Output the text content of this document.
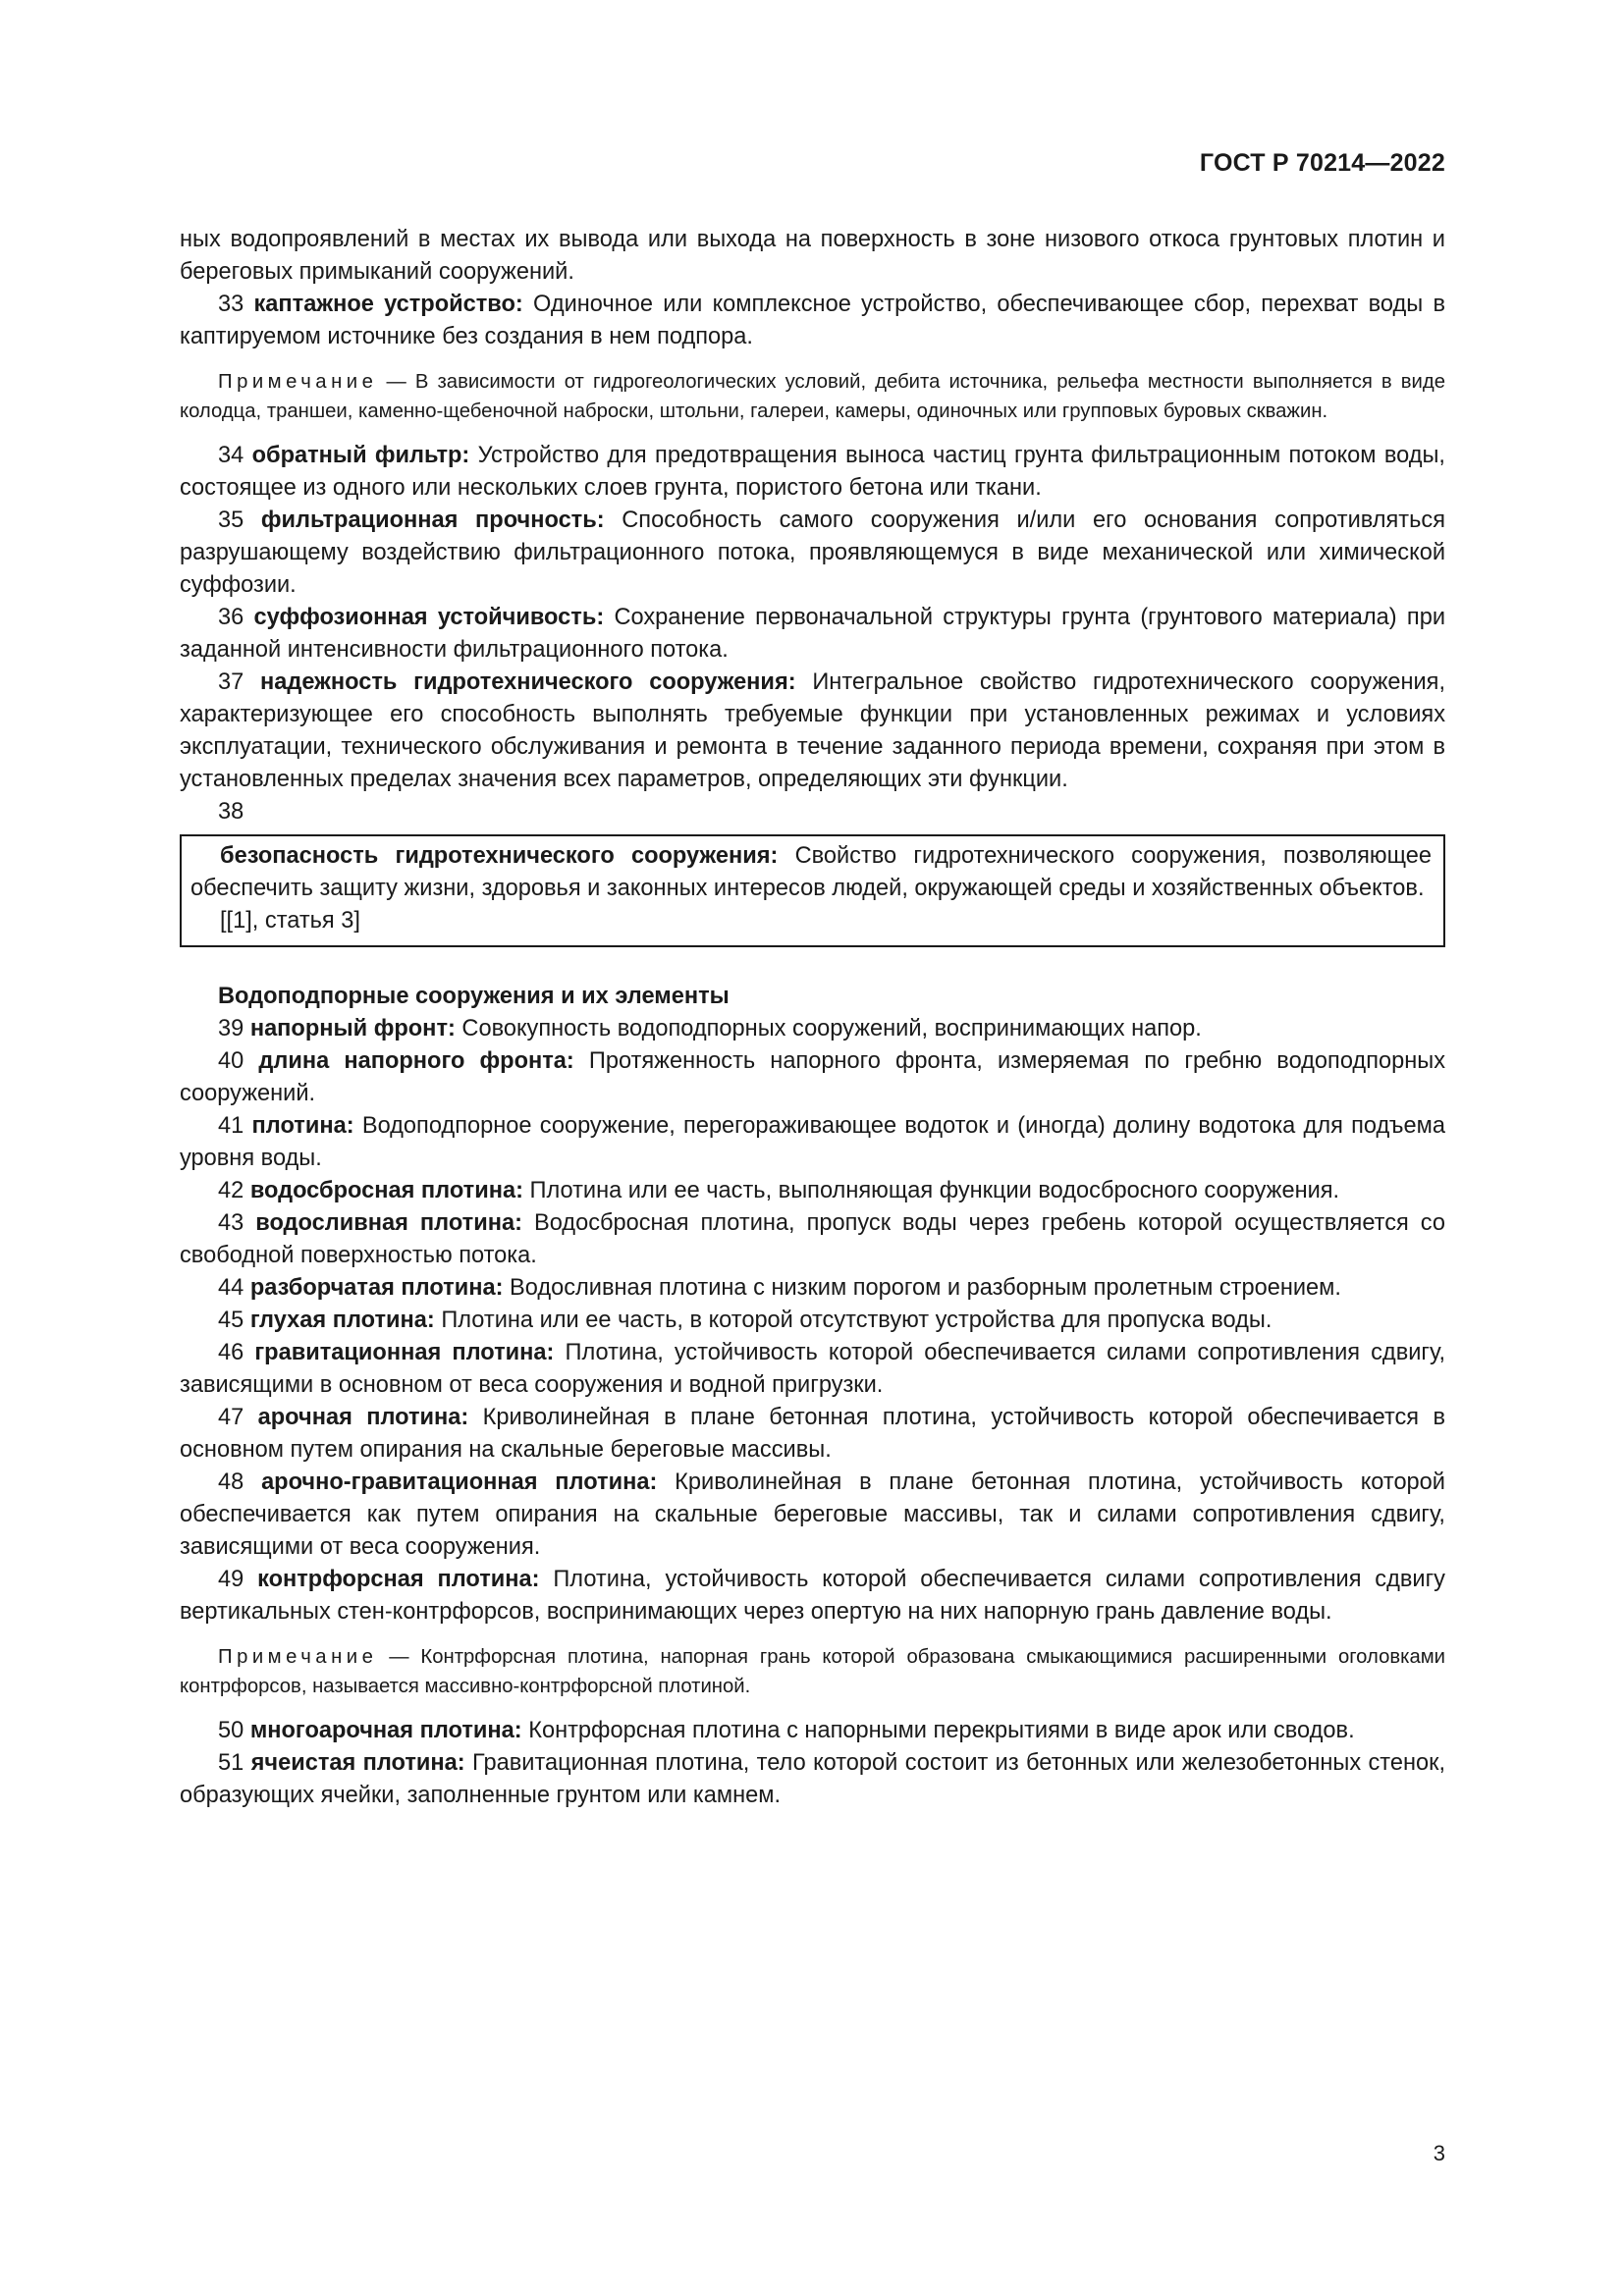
ГОСТ Р 70214—2022

ных водопроявлений в местах их вывода или выхода на поверхность в зоне низового откоса грунтовых плотин и береговых примыканий сооружений.

33 каптажное устройство: Одиночное или комплексное устройство, обеспечивающее сбор, перехват воды в каптируемом источнике без создания в нем подпора.

Примечание — В зависимости от гидрогеологических условий, дебита источника, рельефа местности выполняется в виде колодца, траншеи, каменно-щебеночной наброски, штольни, галереи, камеры, одиночных или групповых буровых скважин.

34 обратный фильтр: Устройство для предотвращения выноса частиц грунта фильтрационным потоком воды, состоящее из одного или нескольких слоев грунта, пористого бетона или ткани.

35 фильтрационная прочность: Способность самого сооружения и/или его основания сопротивляться разрушающему воздействию фильтрационного потока, проявляющемуся в виде механической или химической суффозии.

36 суффозионная устойчивость: Сохранение первоначальной структуры грунта (грунтового материала) при заданной интенсивности фильтрационного потока.

37 надежность гидротехнического сооружения: Интегральное свойство гидротехнического сооружения, характеризующее его способность выполнять требуемые функции при установленных режимах и условиях эксплуатации, технического обслуживания и ремонта в течение заданного периода времени, сохраняя при этом в установленных пределах значения всех параметров, определяющих эти функции.

38

безопасность гидротехнического сооружения: Свойство гидротехнического сооружения, позволяющее обеспечить защиту жизни, здоровья и законных интересов людей, окружающей среды и хозяйственных объектов.

[[1], статья 3]

Водоподпорные сооружения и их элементы

39 напорный фронт: Совокупность водоподпорных сооружений, воспринимающих напор.

40 длина напорного фронта: Протяженность напорного фронта, измеряемая по гребню водоподпорных сооружений.

41 плотина: Водоподпорное сооружение, перегораживающее водоток и (иногда) долину водотока для подъема уровня воды.

42 водосбросная плотина: Плотина или ее часть, выполняющая функции водосбросного сооружения.

43 водосливная плотина: Водосбросная плотина, пропуск воды через гребень которой осуществляется со свободной поверхностью потока.

44 разборчатая плотина: Водосливная плотина с низким порогом и разборным пролетным строением.

45 глухая плотина: Плотина или ее часть, в которой отсутствуют устройства для пропуска воды.

46 гравитационная плотина: Плотина, устойчивость которой обеспечивается силами сопротивления сдвигу, зависящими в основном от веса сооружения и водной пригрузки.

47 арочная плотина: Криволинейная в плане бетонная плотина, устойчивость которой обеспечивается в основном путем опирания на скальные береговые массивы.

48 арочно-гравитационная плотина: Криволинейная в плане бетонная плотина, устойчивость которой обеспечивается как путем опирания на скальные береговые массивы, так и силами сопротивления сдвигу, зависящими от веса сооружения.

49 контрфорсная плотина: Плотина, устойчивость которой обеспечивается силами сопротивления сдвигу вертикальных стен-контрфорсов, воспринимающих через опертую на них напорную грань давление воды.

Примечание — Контрфорсная плотина, напорная грань которой образована смыкающимися расширенными оголовками контрфорсов, называется массивно-контрфорсной плотиной.

50 многоарочная плотина: Контрфорсная плотина с напорными перекрытиями в виде арок или сводов.

51 ячеистая плотина: Гравитационная плотина, тело которой состоит из бетонных или железобетонных стенок, образующих ячейки, заполненные грунтом или камнем.

3
